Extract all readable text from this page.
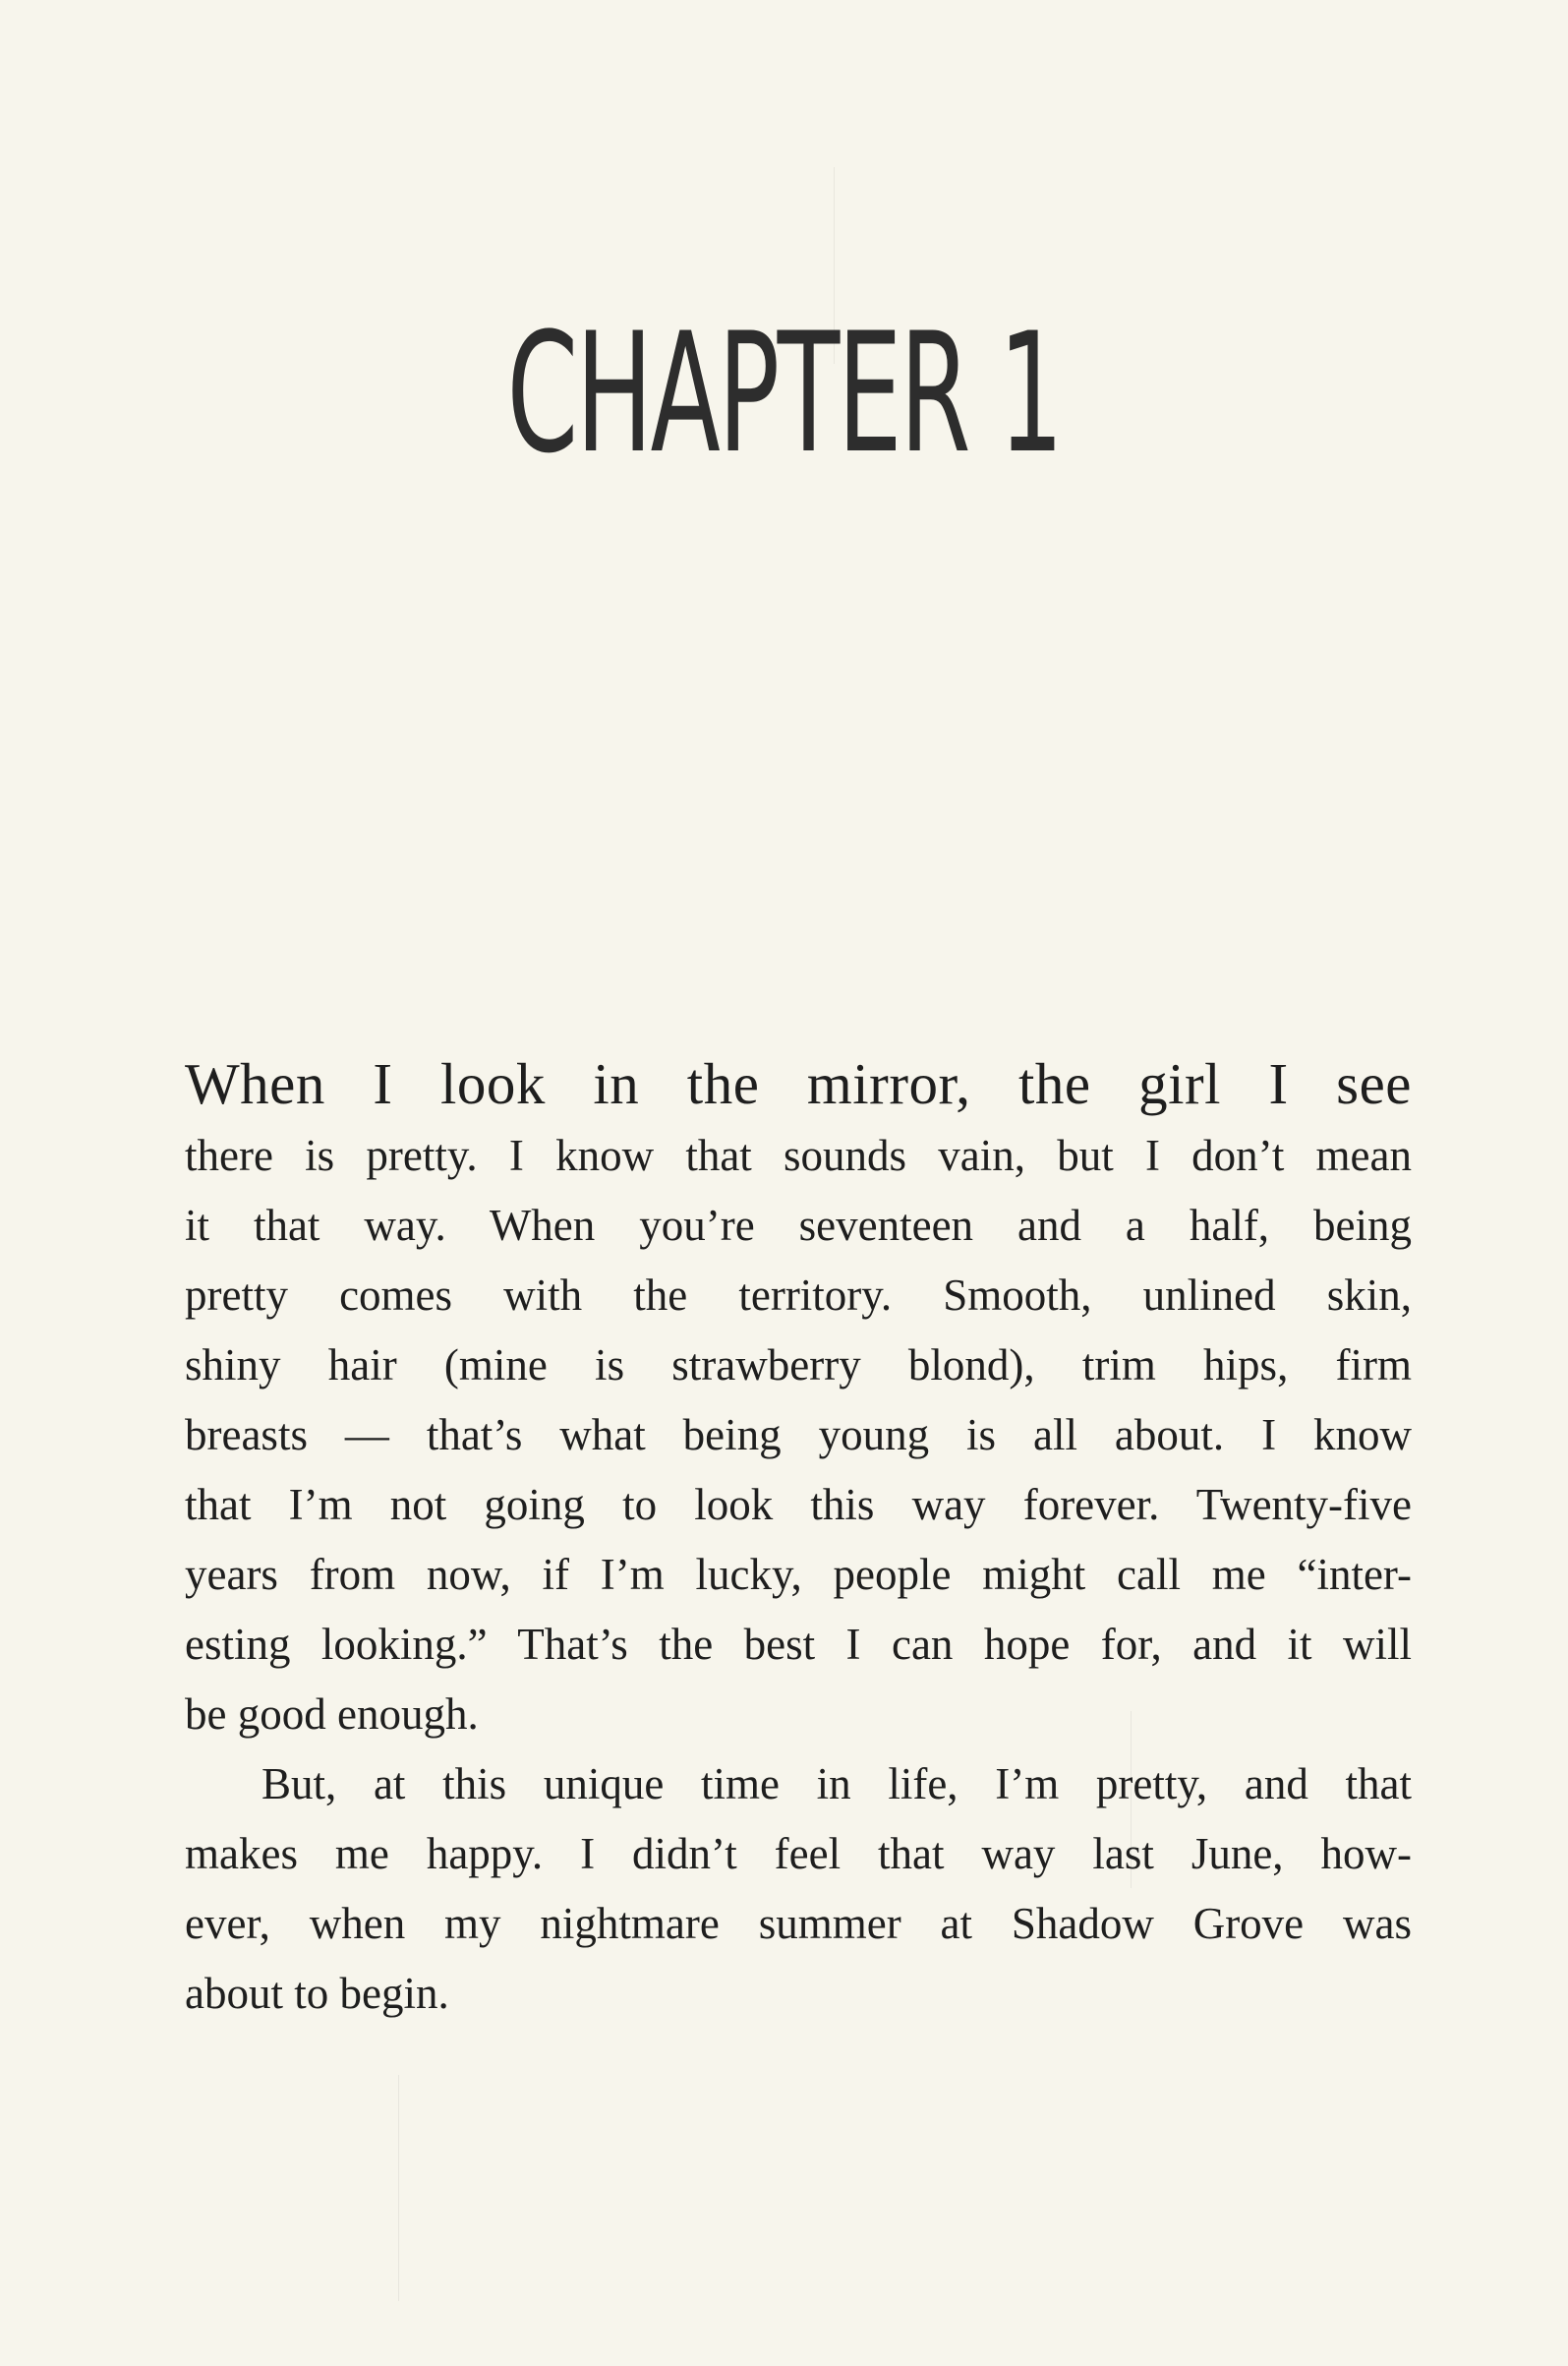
CHAPTER 1
When I look in the mirror, the girl I see
there is pretty. I know that sounds vain, but I don’t mean
it that way. When you’re seventeen and a half, being
pretty comes with the territory. Smooth, unlined skin,
shiny hair (mine is strawberry blond), trim hips, firm
breasts — that’s what being young is all about. I know
that I’m not going to look this way forever. Twenty-five
years from now, if I’m lucky, people might call me “inter-
esting looking.” That’s the best I can hope for, and it will
be good enough.
But, at this unique time in life, I’m pretty, and that
makes me happy. I didn’t feel that way last June, how-
ever, when my nightmare summer at Shadow Grove was
about to begin.
